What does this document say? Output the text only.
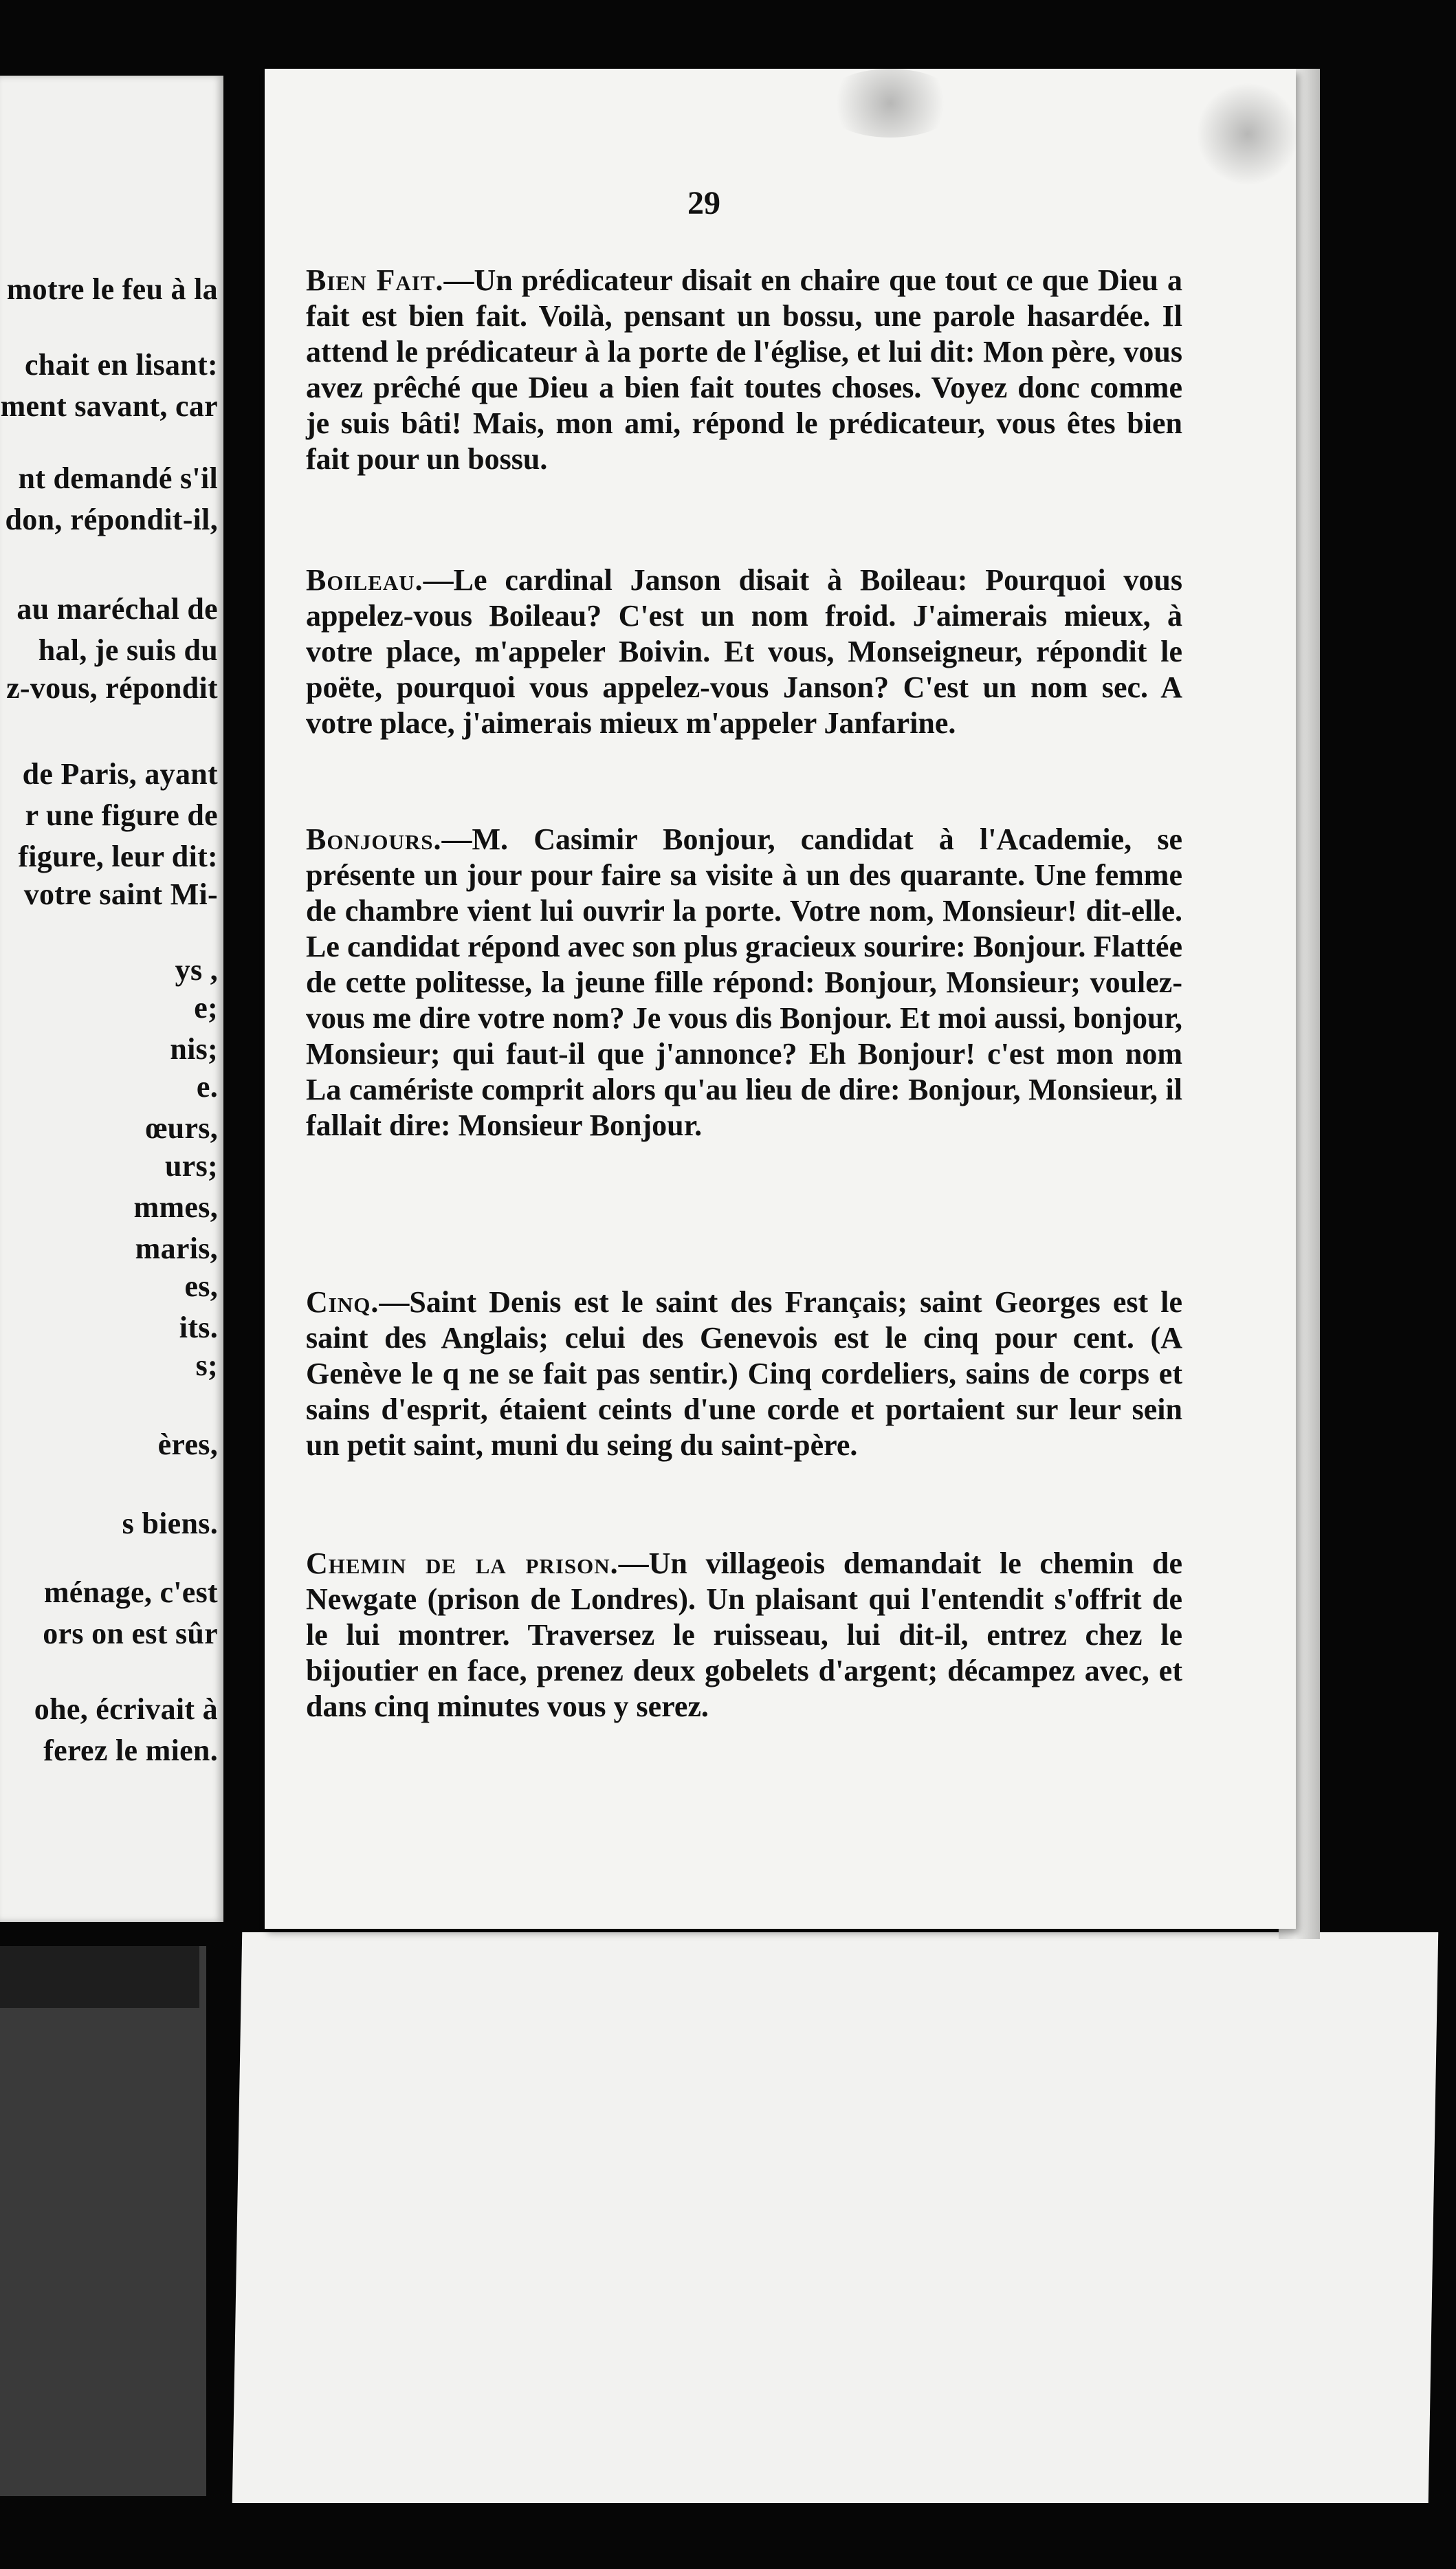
motre le feu à la
chait en lisant:
ment savant, car
nt demandé s'il
don, répondit-il,
au maréchal de
hal, je suis du
z-vous, répondit
de Paris, ayant
r une figure de
figure, leur dit:
votre saint Mi-
ys ,
e;
nis;
e.
œurs,
urs;
mmes,
maris,
es,
its.
s;
ères,
s biens.
ménage, c'est
ors on est sûr
ohe, écrivait à
ferez le mien.
29
Bien Fait.—Un prédicateur disait en chaire que tout ce que Dieu a fait est bien fait. Voilà, pensant un bossu, une parole hasardée. Il attend le prédicateur à la porte de l'église, et lui dit: Mon père, vous avez prêché que Dieu a bien fait toutes choses. Voyez donc comme je suis bâti! Mais, mon ami, répond le prédicateur, vous êtes bien fait pour un bossu.
Boileau.—Le cardinal Janson disait à Boileau: Pourquoi vous appelez-vous Boileau? C'est un nom froid. J'aimerais mieux, à votre place, m'appeler Boivin. Et vous, Monseigneur, répondit le poëte, pourquoi vous appelez-vous Janson? C'est un nom sec. A votre place, j'aimerais mieux m'appeler Janfarine.
Bonjours.—M. Casimir Bonjour, candidat à l'Academie, se présente un jour pour faire sa visite à un des quarante. Une femme de chambre vient lui ouvrir la porte. Votre nom, Monsieur! dit-elle. Le candidat répond avec son plus gracieux sourire: Bonjour. Flattée de cette politesse, la jeune fille répond: Bonjour, Monsieur; voulez-vous me dire votre nom? Je vous dis Bonjour. Et moi aussi, bonjour, Monsieur; qui faut-il que j'annonce? Eh Bonjour! c'est mon nom La caméristе comprit alors qu'au lieu de dire: Bonjour, Monsieur, il fallait dire: Monsieur Bonjour.
Cinq.—Saint Denis est le saint des Français; saint Georges est le saint des Anglais; celui des Genevois est le cinq pour cent. (A Genève le q ne se fait pas sentir.) Cinq cordeliers, sains de corps et sains d'esprit, étaient ceints d'une corde et portaient sur leur sein un petit saint, muni du seing du saint-père.
Chemin de la prison.—Un villageois demandait le chemin de Newgate (prison de Londres). Un plaisant qui l'entendit s'offrit de le lui montrer. Traversez le ruisseau, lui dit-il, entrez chez le bijoutier en face, prenez deux gobelets d'argent; décampez avec, et dans cinq minutes vous y serez.
